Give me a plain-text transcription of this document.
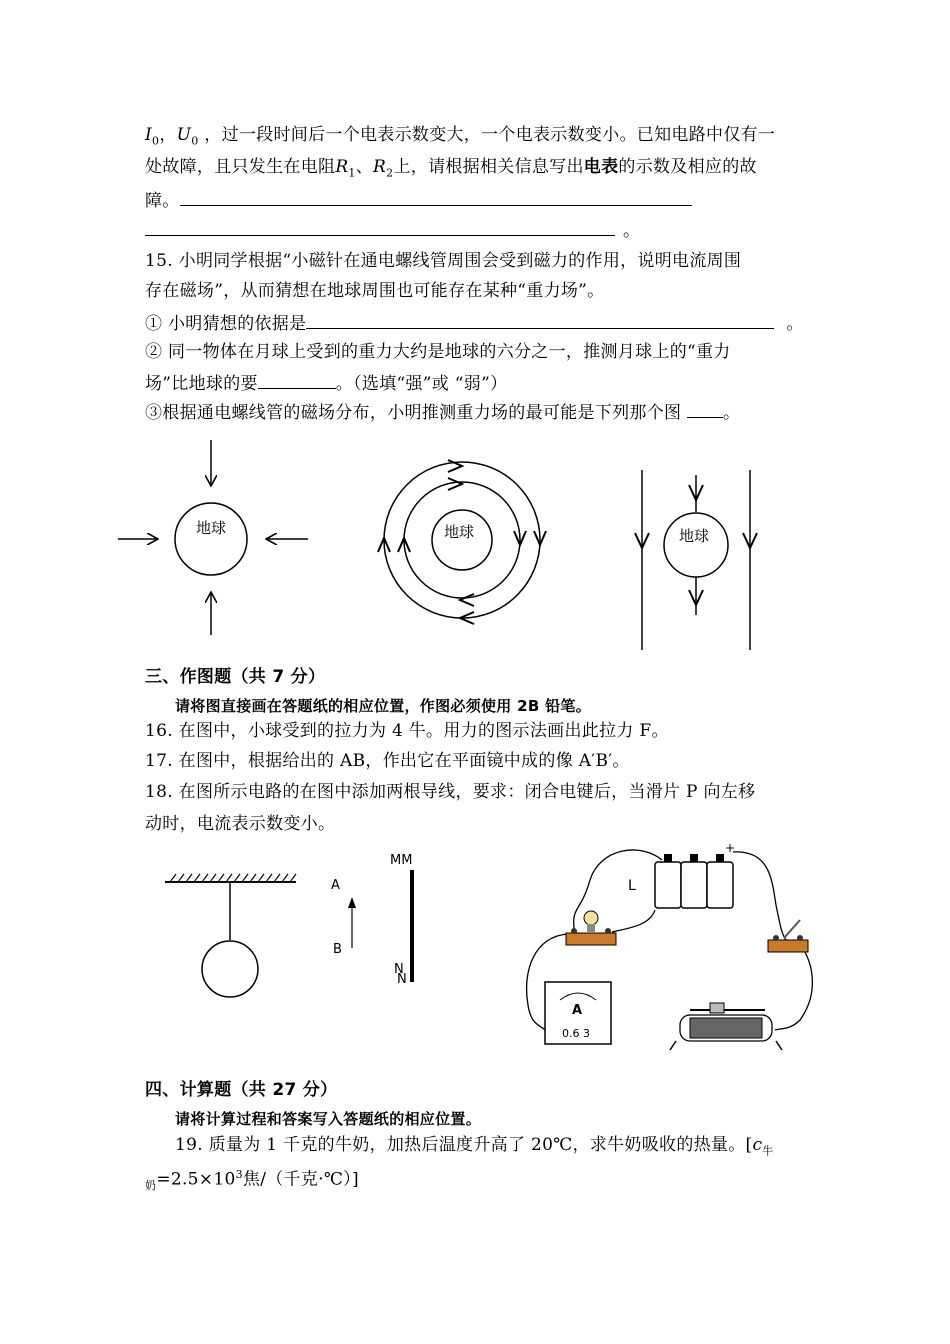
$I_0$，$U_0$ ，过一段时间后一个电表示数变大，一个电表示数变小。已知电路中仅有一
处故障，且只发生在电阻$R_1$、$R_2$上，请根据相关信息写出电表的示数及相应的故
障。
。
15. 小明同学根据“小磁针在通电螺线管周围会受到磁力的作用，说明电流周围
存在磁场”，从而猜想在地球周围也可能存在某种“重力场”。
① 小明猜想的依据是	。
② 同一物体在月球上受到的重力大约是地球的六分之一，推测月球上的“重力
场”比地球的要	。（选填“强”或 “弱”）
③根据通电螺线管的磁场分布，小明推测重力场的最可能是下列那个图 。
地球	地球	地球
三、作图题（共 7 分）
请将图直接画在答题纸的相应位置，作图必须使用 2B 铅笔。
16. 在图中，小球受到的拉力为 4 牛。用力的图示法画出此拉力 F。
17. 在图中，根据给出的 AB，作出它在平面镜中成的像 A′B′。
18. 在图所示电路的在图中添加两根导线，要求：闭合电键后，当滑片 P 向左移
动时，电流表示数变小。
A
B
MM
N
N
L
+
A
0.6 3
四、计算题（共 27 分）
请将计算过程和答案写入答题纸的相应位置。
19. 质量为 1 千克的牛奶，加热后温度升高了 20℃，求牛奶吸收的热量。[$c_牛$
$_奶=2.5\times 10^3$焦/（千克·℃）]
